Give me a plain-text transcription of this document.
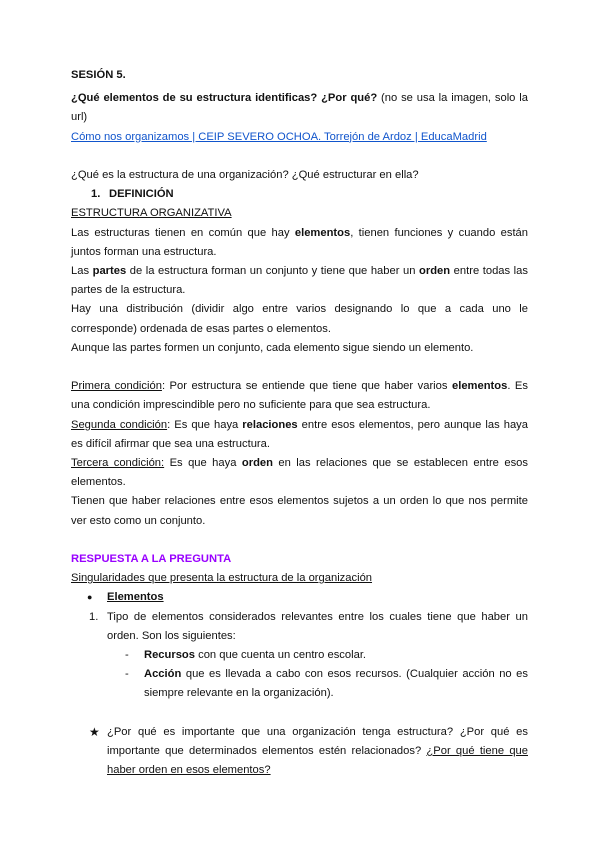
SESIÓN 5.

¿Qué elementos de su estructura identificas? ¿Por qué? (no se usa la imagen, solo la url)

Cómo nos organizamos | CEIP SEVERO OCHOA. Torrejón de Ardoz | EducaMadrid

¿Qué es la estructura de una organización? ¿Qué estructurar en ella?

1. DEFINICIÓN

ESTRUCTURA ORGANIZATIVA

Las estructuras tienen en común que hay elementos, tienen funciones y cuando están juntos forman una estructura.

Las partes de la estructura forman un conjunto y tiene que haber un orden entre todas las partes de la estructura.

Hay una distribución (dividir algo entre varios designando lo que a cada uno le corresponde) ordenada de esas partes o elementos.

Aunque las partes formen un conjunto, cada elemento sigue siendo un elemento.

Primera condición: Por estructura se entiende que tiene que haber varios elementos. Es una condición imprescindible pero no suficiente para que sea estructura.

Segunda condición: Es que haya relaciones entre esos elementos, pero aunque las haya es difícil afirmar que sea una estructura.

Tercera condición: Es que haya orden en las relaciones que se establecen entre esos elementos.

Tienen que haber relaciones entre esos elementos sujetos a un orden lo que nos permite ver esto como un conjunto.

RESPUESTA A LA PREGUNTA

Singularidades que presenta la estructura de la organización

●	Elementos
1. Tipo de elementos considerados relevantes entre los cuales tiene que haber un orden. Son los siguientes:
-	Recursos con que cuenta un centro escolar.
-	Acción que es llevada a cabo con esos recursos. (Cualquier acción no es siempre relevante en la organización).
★ ¿Por qué es importante que una organización tenga estructura? ¿Por qué es importante que determinados elementos estén relacionados? ¿Por qué tiene que haber orden en esos elementos?
